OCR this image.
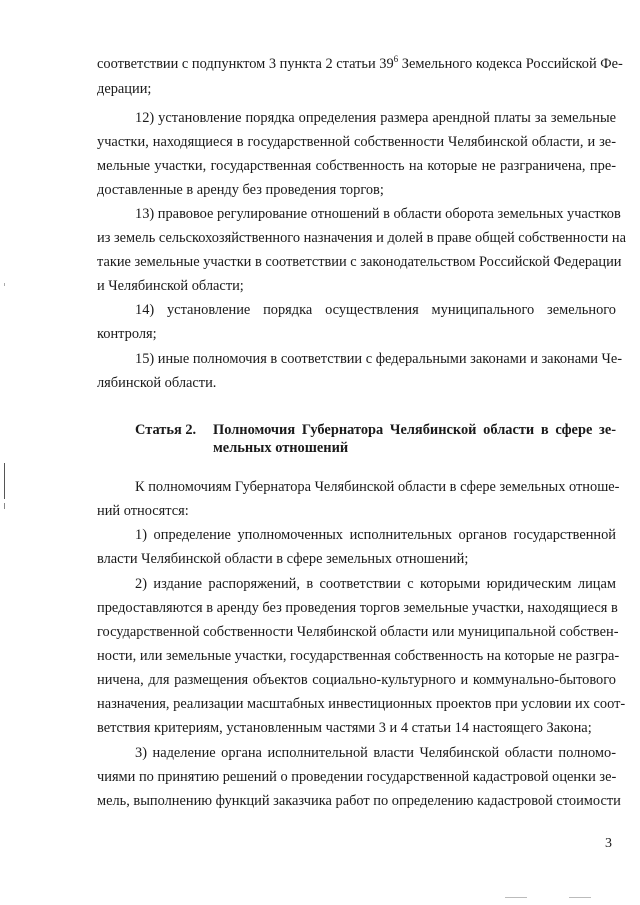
соответствии с подпунктом 3 пункта 2 статьи $39^6$ Земельного кодекса Российской Фе-
дерации;
12) установление порядка определения размера арендной платы за земельные
участки, находящиеся в государственной собственности Челябинской области, и зе-
мельные участки, государственная собственность на которые не разграничена, пре-
доставленные в аренду без проведения торгов;
13) правовое регулирование отношений в области оборота земельных участков
из земель сельскохозяйственного назначения и долей в праве общей собственности на
такие земельные участки в соответствии с законодательством Российской Федерации
и Челябинской области;
14) установление порядка осуществления муниципального земельного
контроля;
15) иные полномочия в соответствии с федеральными законами и законами Че-
лябинской области.
Статья 2. Полномочия Губернатора Челябинской области в сфере зе-
мельных отношений
К полномочиям Губернатора Челябинской области в сфере земельных отноше-
ний относятся:
1) определение уполномоченных исполнительных органов государственной
власти Челябинской области в сфере земельных отношений;
2) издание распоряжений, в соответствии с которыми юридическим лицам
предоставляются в аренду без проведения торгов земельные участки, находящиеся в
государственной собственности Челябинской области или муниципальной собствен-
ности, или земельные участки, государственная собственность на которые не разгра-
ничена, для размещения объектов социально-культурного и коммунально-бытового
назначения, реализации масштабных инвестиционных проектов при условии их соот-
ветствия критериям, установленным частями 3 и 4 статьи 14 настоящего Закона;
3) наделение органа исполнительной власти Челябинской области полномо-
чиями по принятию решений о проведении государственной кадастровой оценки зе-
мель, выполнению функций заказчика работ по определению кадастровой стоимости
3
